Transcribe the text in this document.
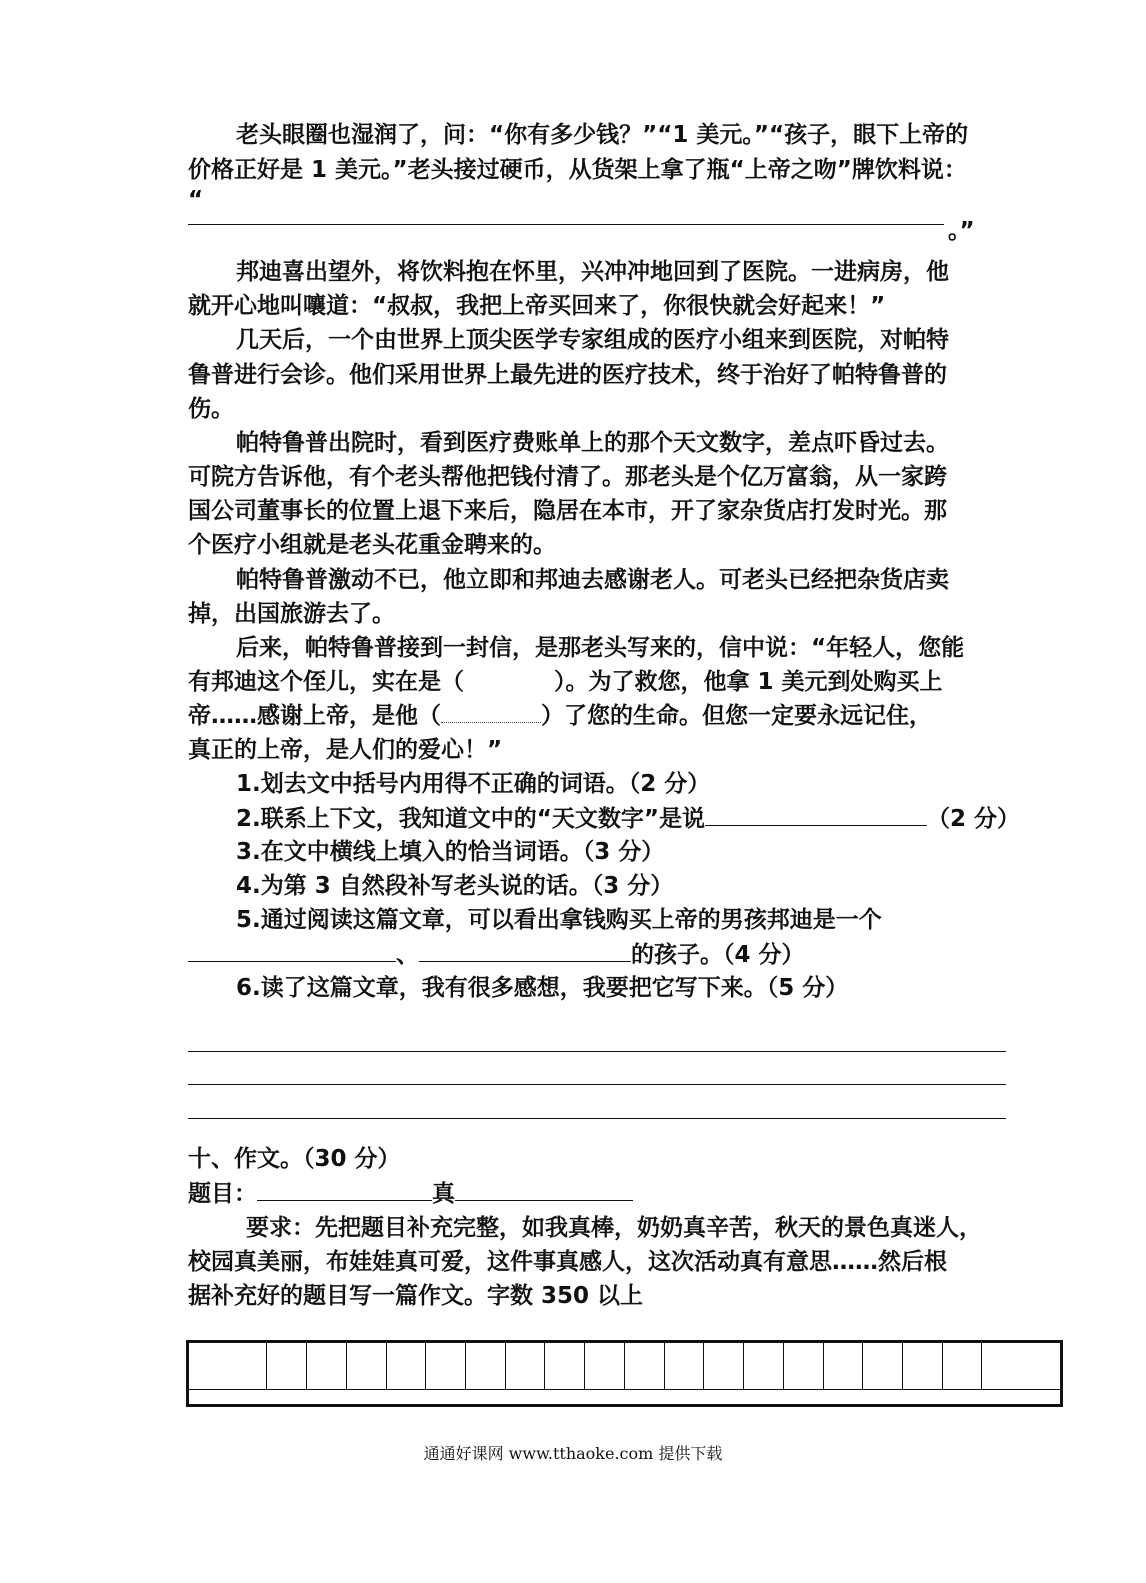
老头眼圈也湿润了，问：“你有多少钱？”“1 美元。”“孩子，眼下上帝的
价格正好是 1 美元。”老头接过硬币，从货架上拿了瓶“上帝之吻”牌饮料说：
“
。”
邦迪喜出望外，将饮料抱在怀里，兴冲冲地回到了医院。一进病房，他
就开心地叫嚷道：“叔叔，我把上帝买回来了，你很快就会好起来！”
几天后，一个由世界上顶尖医学专家组成的医疗小组来到医院，对帕特
鲁普进行会诊。他们采用世界上最先进的医疗技术，终于治好了帕特鲁普的
伤。
帕特鲁普出院时，看到医疗费账单上的那个天文数字，差点吓昏过去。
可院方告诉他，有个老头帮他把钱付清了。那老头是个亿万富翁，从一家跨
国公司董事长的位置上退下来后，隐居在本市，开了家杂货店打发时光。那
个医疗小组就是老头花重金聘来的。
帕特鲁普激动不已，他立即和邦迪去感谢老人。可老头已经把杂货店卖
掉，出国旅游去了。
后来，帕特鲁普接到一封信，是那老头写来的，信中说：“年轻人，您能
有邦迪这个侄儿，实在是（	）。为了救您，他拿 1 美元到处购买上
帝……感谢上帝，是他（	）了您的生命。但您一定要永远记住，
真正的上帝，是人们的爱心！”
1.划去文中括号内用得不正确的词语。（2 分）
2.联系上下文，我知道文中的“天文数字”是说	（2 分）
3.在文中横线上填入的恰当词语。（3 分）
4.为第 3 自然段补写老头说的话。（3 分）
5.通过阅读这篇文章，可以看出拿钱购买上帝的男孩邦迪是一个
、	的孩子。（4 分）
6.读了这篇文章，我有很多感想，我要把它写下来。（5 分）
十、作文。（30 分）
题目：	真
要求：先把题目补充完整，如我真棒，奶奶真辛苦，秋天的景色真迷人，
校园真美丽，布娃娃真可爱，这件事真感人，这次活动真有意思……然后根
据补充好的题目写一篇作文。字数 350 以上

通通好课网 www.tthaoke.com 提供下载
